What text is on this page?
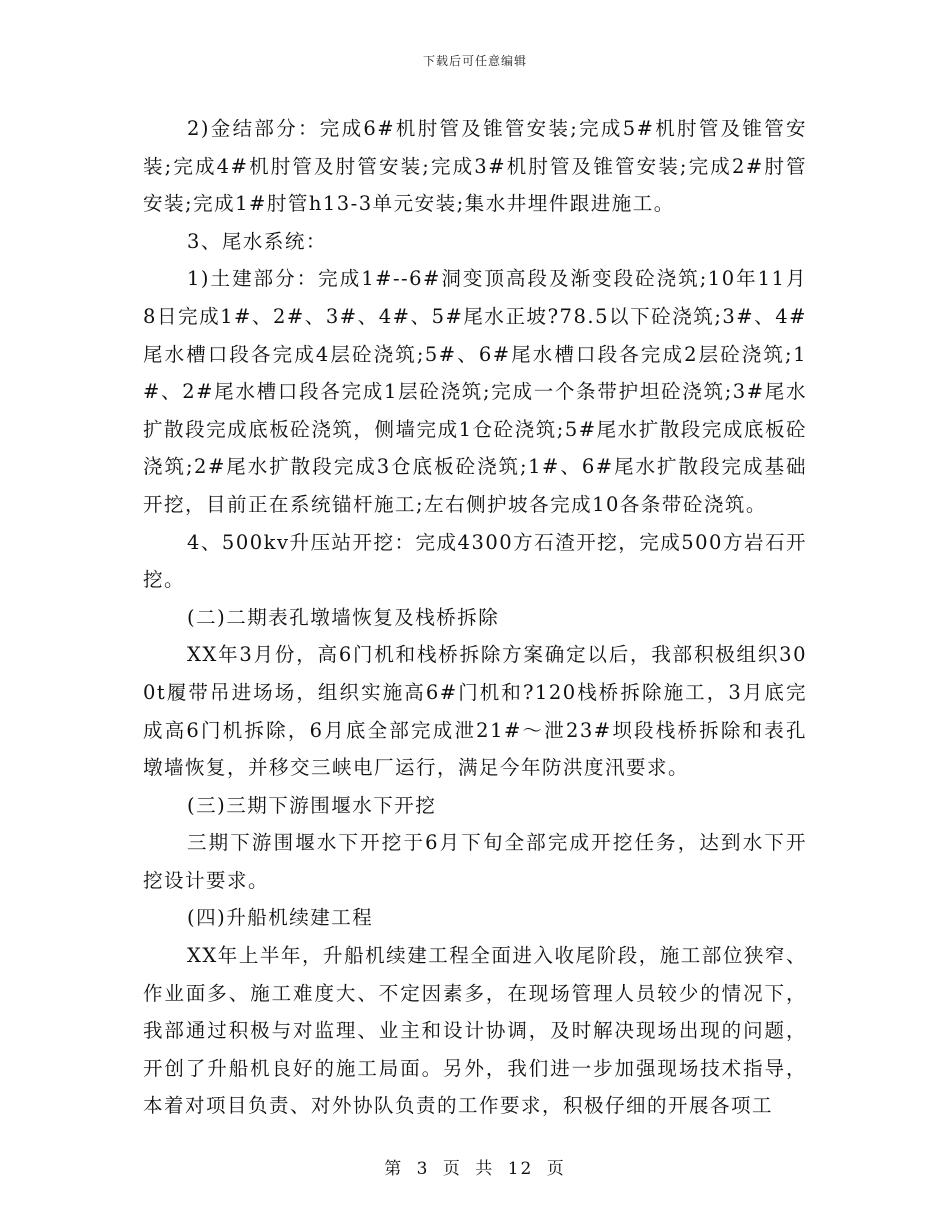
下载后可任意编辑

2)金结部分：完成6#机肘管及锥管安装;完成5#机肘管及锥管安装;完成4#机肘管及肘管安装;完成3#机肘管及锥管安装;完成2#肘管安装;完成1#肘管h13-3单元安装;集水井埋件跟进施工。

3、尾水系统：

1)土建部分：完成1#--6#洞变顶高段及渐变段砼浇筑;10年11月8日完成1#、2#、3#、4#、5#尾水正坡?78.5以下砼浇筑;3#、4#尾水槽口段各完成4层砼浇筑;5#、6#尾水槽口段各完成2层砼浇筑;1#、2#尾水槽口段各完成1层砼浇筑;完成一个条带护坦砼浇筑;3#尾水扩散段完成底板砼浇筑，侧墙完成1仓砼浇筑;5#尾水扩散段完成底板砼浇筑;2#尾水扩散段完成3仓底板砼浇筑;1#、6#尾水扩散段完成基础开挖，目前正在系统锚杆施工;左右侧护坡各完成10各条带砼浇筑。

4、500kv升压站开挖：完成4300方石渣开挖，完成500方岩石开挖。

(二)二期表孔墩墙恢复及栈桥拆除

XX年3月份，高6门机和栈桥拆除方案确定以后，我部积极组织300t履带吊进场场，组织实施高6#门机和?120栈桥拆除施工，3月底完成高6门机拆除，6月底全部完成泄21#～泄23#坝段栈桥拆除和表孔墩墙恢复，并移交三峡电厂运行，满足今年防洪度汛要求。

(三)三期下游围堰水下开挖

三期下游围堰水下开挖于6月下旬全部完成开挖任务，达到水下开挖设计要求。

(四)升船机续建工程

XX年上半年，升船机续建工程全面进入收尾阶段，施工部位狭窄、作业面多、施工难度大、不定因素多，在现场管理人员较少的情况下，我部通过积极与对监理、业主和设计协调，及时解决现场出现的问题，开创了升船机良好的施工局面。另外，我们进一步加强现场技术指导，本着对项目负责、对外协队负责的工作要求，积极仔细的开展各项工

第 3 页 共 12 页
